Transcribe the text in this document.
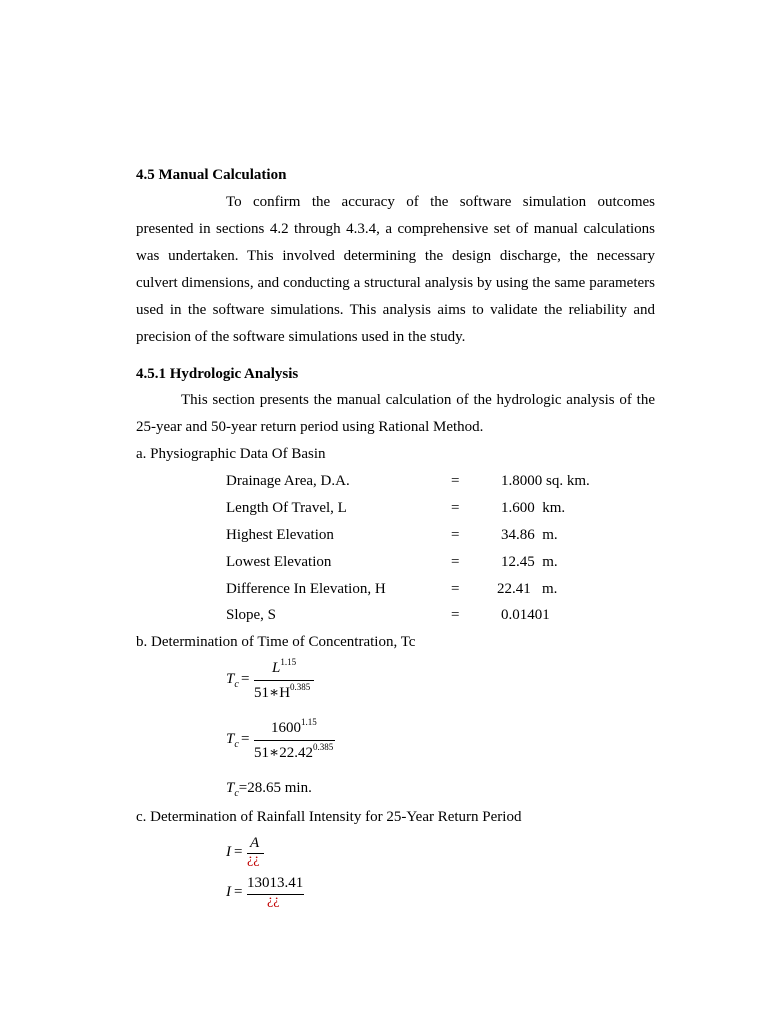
4.5 Manual Calculation
To confirm the accuracy of the software simulation outcomes
presented in sections 4.2 through 4.3.4, a comprehensive set of manual calculations
was undertaken. This involved determining the design discharge, the necessary
culvert dimensions, and conducting a structural analysis by using the same parameters
used in the software simulations. This analysis aims to validate the reliability and
precision of the software simulations used in the study.
4.5.1 Hydrologic Analysis
This section presents the manual calculation of the hydrologic analysis of the
25-year and 50-year return period using Rational Method.
a. Physiographic Data Of Basin
Drainage Area, D.A.	=	1.8000 sq. km.
Length Of Travel, L	=	1.600  km.
Highest Elevation	=	34.86  m.
Lowest Elevation	=	12.45  m.
Difference In Elevation, H	=	22.41   m.
Slope, S	=	0.01401
b. Determination of Time of Concentration, Tc
$T_c$ =
$L^{1.15}$
$51∗H^{0.385}$
$T_c$ =
$1600^{1.15}$
$51∗22.42^{0.385}$
$T_c=28.65$ min.
c. Determination of Rainfall Intensity for 25-Year Return Period
I =
A
¿¿
I =
13013.41
¿¿
